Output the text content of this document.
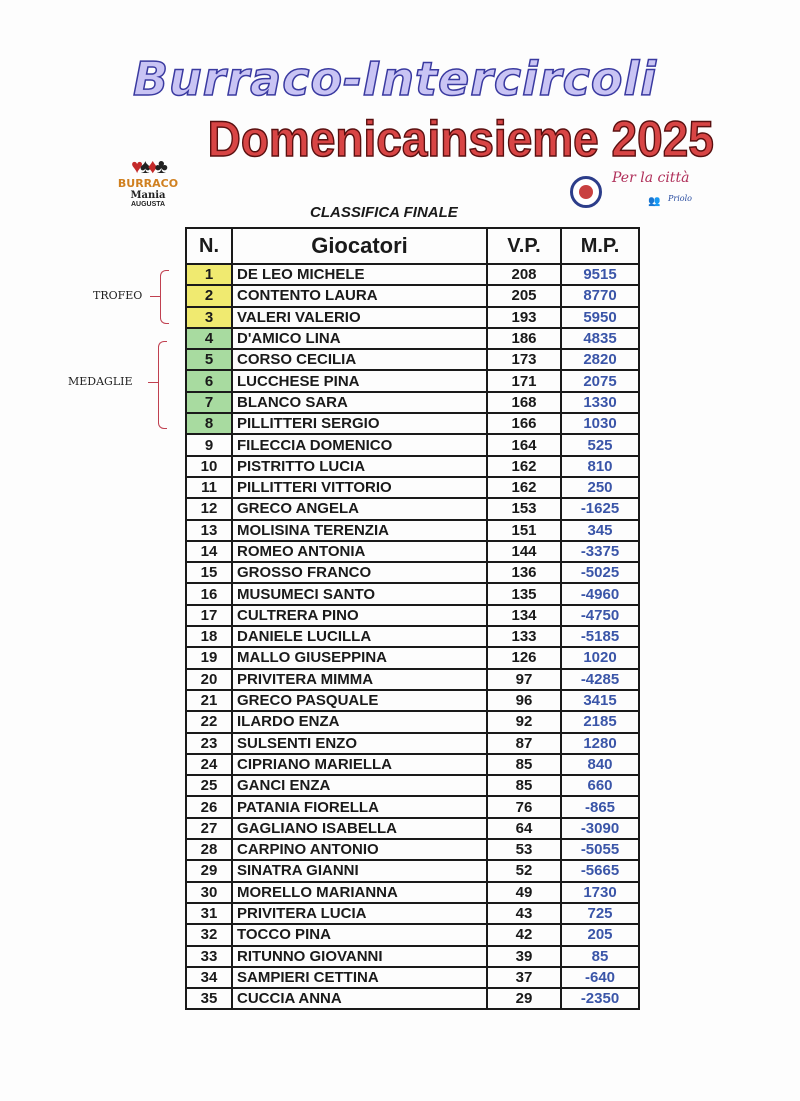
Burraco-Intercircoli
Domenicainsieme 2025
♥♠♦♣
BURRACO
Mania
AUGUSTA
Per la città
👥 Priolo
CLASSIFICA FINALE
TROFEO
MEDAGLIE
N.	Giocatori	V.P.	M.P.
1	DE LEO MICHELE	208	9515
2	CONTENTO LAURA	205	8770
3	VALERI VALERIO	193	5950
4	D'AMICO LINA	186	4835
5	CORSO CECILIA	173	2820
6	LUCCHESE PINA	171	2075
7	BLANCO SARA	168	1330
8	PILLITTERI SERGIO	166	1030
9	FILECCIA DOMENICO	164	525
10	PISTRITTO LUCIA	162	810
11	PILLITTERI VITTORIO	162	250
12	GRECO ANGELA	153	-1625
13	MOLISINA TERENZIA	151	345
14	ROMEO ANTONIA	144	-3375
15	GROSSO FRANCO	136	-5025
16	MUSUMECI SANTO	135	-4960
17	CULTRERA PINO	134	-4750
18	DANIELE LUCILLA	133	-5185
19	MALLO GIUSEPPINA	126	1020
20	PRIVITERA MIMMA	97	-4285
21	GRECO PASQUALE	96	3415
22	ILARDO ENZA	92	2185
23	SULSENTI ENZO	87	1280
24	CIPRIANO MARIELLA	85	840
25	GANCI ENZA	85	660
26	PATANIA FIORELLA	76	-865
27	GAGLIANO ISABELLA	64	-3090
28	CARPINO ANTONIO	53	-5055
29	SINATRA GIANNI	52	-5665
30	MORELLO MARIANNA	49	1730
31	PRIVITERA LUCIA	43	725
32	TOCCO PINA	42	205
33	RITUNNO GIOVANNI	39	85
34	SAMPIERI CETTINA	37	-640
35	CUCCIA ANNA	29	-2350
